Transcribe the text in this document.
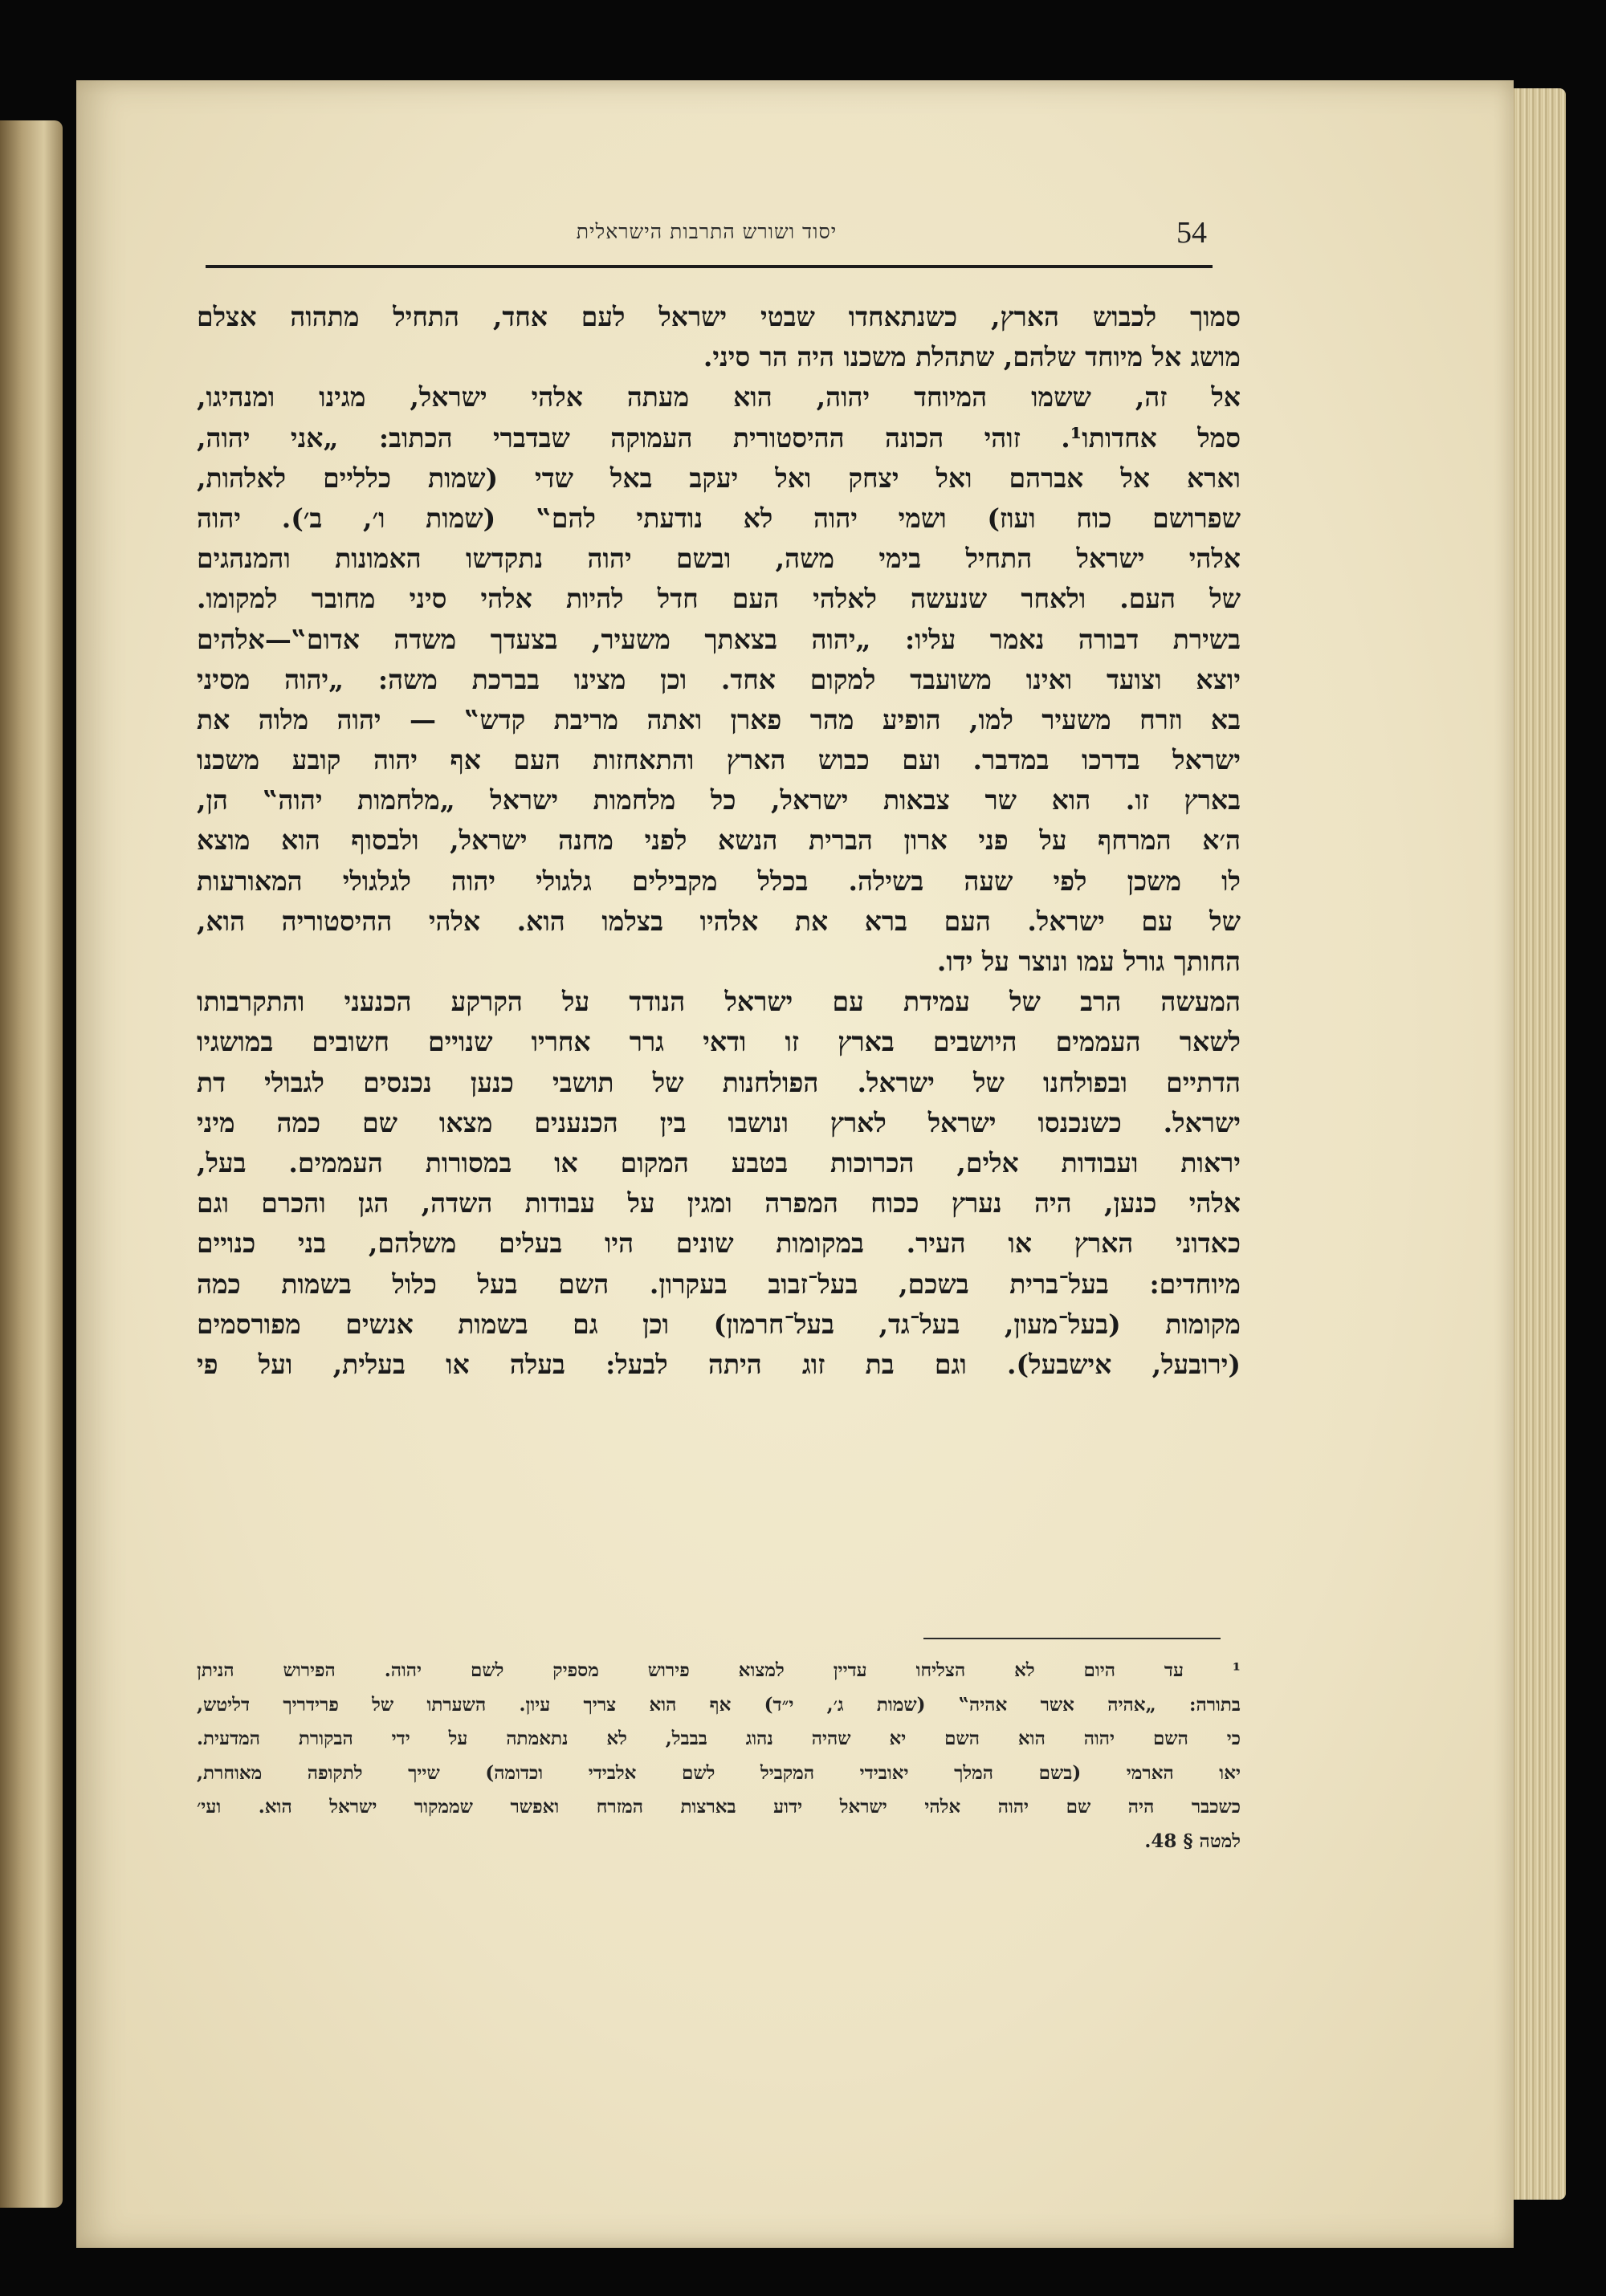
54
יסוד ושורש התרבות הישראלית
סמוך לכבוש הארץ, כשנתאחדו שבטי ישראל לעם אחד, התחיל מתהוה אצלם
מושג אל מיוחד שלהם, שתהלת משכנו היה הר סיני.
אל זה, ששמו המיוחד יהוה, הוא מעתה אלהי ישראל, מגינו ומנהיגו,
סמל אחדותו¹. זוהי הכונה ההיסטורית העמוקה שבדברי הכתוב: „אני יהוה,
וארא אל אברהם ואל יצחק ואל יעקב באל שדי (שמות כלליים לאלהות,
שפרושם כוח ועוז) ושמי יהוה לא נודעתי להם‟ (שמות ו׳, ב׳). יהוה
אלהי ישראל התחיל בימי משה, ובשם יהוה נתקדשו האמונות והמנהגים
של העם. ולאחר שנעשה לאלהי העם חדל להיות אלהי סיני מחובר למקומו.
בשירת דבורה נאמר עליו: „יהוה בצאתך משעיר, בצעדך משדה אדום‟—אלהים
יוצא וצועד ואינו משועבד למקום אחד. וכן מצינו בברכת משה: „יהוה מסיני
בא וזרח משעיר למו, הופיע מהר פארן ואתה מריבת קדש‟ — יהוה מלוה את
ישראל בדרכו במדבר. ועם כבוש הארץ והתאחזות העם אף יהוה קובע משכנו
בארץ זו. הוא שר צבאות ישראל, כל מלחמות ישראל „מלחמות יהוה‟ הן,
ה׳א המרחף על פני ארון הברית הנשא לפני מחנה ישראל, ולבסוף הוא מוצא
לו משכן לפי שעה בשילה. בכלל מקבילים גלגולי יהוה לגלגולי המאורעות
של עם ישראל. העם ברא את אלהיו בצלמו הוא. אלהי ההיסטוריה הוא,
החותך גורל עמו ונוצר על ידו.
המעשה הרב של עמידת עם ישראל הנודד על הקרקע הכנעני והתקרבותו
לשאר העממים היושבים בארץ זו ודאי גרר אחריו שנויים חשובים במושגיו
הדתיים ובפולחנו של ישראל. הפולחנות של תושבי כנען נכנסים לגבולי דת
ישראל. כשנכנסו ישראל לארץ ונושבו בין הכנענים מצאו שם כמה מיני
יראות ועבודות אלים, הכרוכות בטבע המקום או במסורות העממים. בעל,
אלהי כנען, היה נערץ ככוח המפרה ומגין על עבודות השדה, הגן והכרם וגם
כאדוני הארץ או העיר. במקומות שונים היו בעלים משלהם, בני כנויים
מיוחדים: בעל־ברית בשכם, בעל־זבוב בעקרון. השם בעל כלול בשמות כמה
מקומות (בעל־מעון, בעל־גד, בעל־חרמון) וכן גם בשמות אנשים מפורסמים
(ירובעל, אישבעל). וגם בת זוג היתה לבעל: בעלה או בעלית, ועל פי
¹ עד היום לא הצליחו עדיין למצוא פירוש מספיק לשם יהוה. הפירוש הניתן
בתורה: „אהיה אשר אהיה‟ (שמות ג׳, י״ד) אף הוא צריך עיון. השערתו של פרידריך דליטש,
כי השם יהוה הוא השם יא שהיה נהוג בבבל, לא נתאמתה על ידי הבקורת המדעית.
יאו הארמי (בשם המלך יאובידי המקביל לשם אלבידי וכדומה) שייך לתקופה מאוחרת,
כשכבר היה שם יהוה אלהי ישראל ידוע בארצות המזרח ואפשר שממקור ישראל הוא. ועי׳
למטה § 48.
